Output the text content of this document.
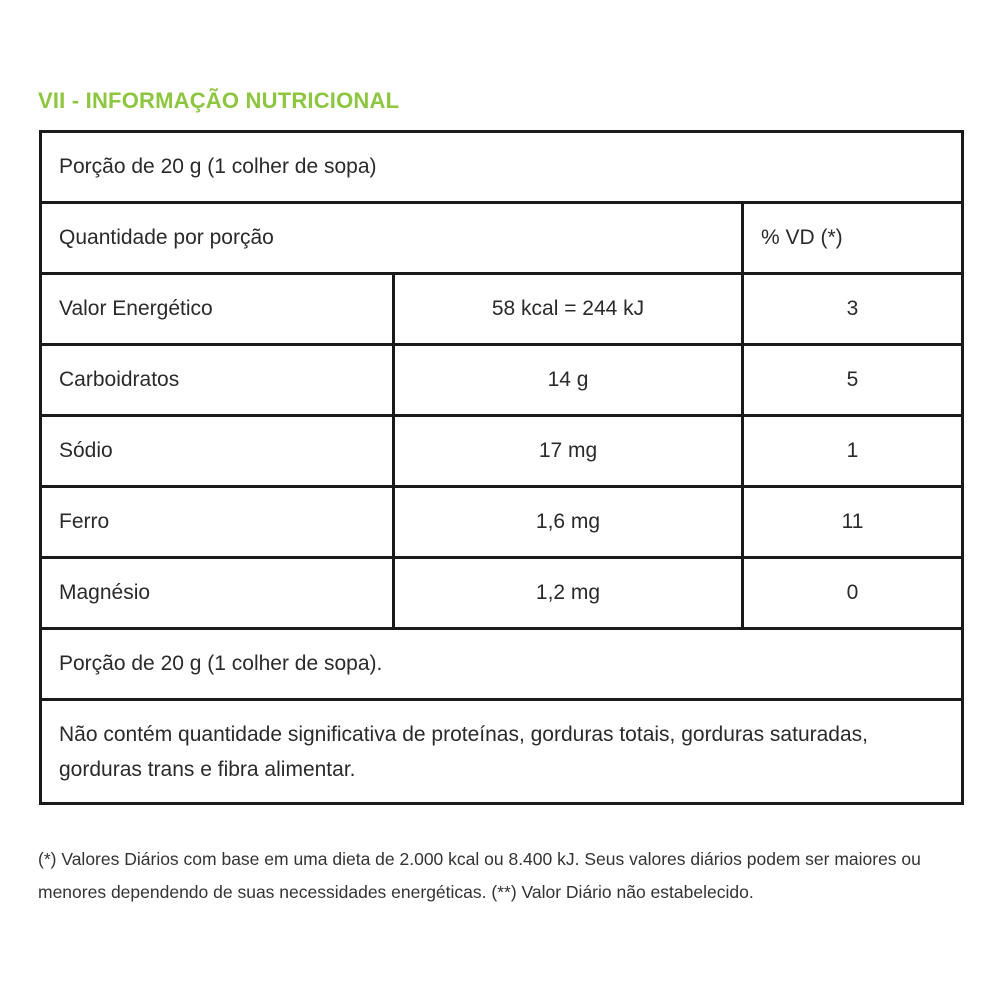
VII - INFORMAÇÃO NUTRICIONAL
Porção de 20 g (1 colher de sopa)		
Quantidade por porção		% VD (*)
Valor Energético	58 kcal = 244 kJ	3
Carboidratos	14 g	5
Sódio	17 mg	1
Ferro	1,6 mg	11
Magnésio	1,2 mg	0
Porção de 20 g (1 colher de sopa).		
Não contém quantidade significativa de proteínas, gorduras totais, gorduras saturadas, gorduras trans e fibra alimentar.		
(*) Valores Diários com base em uma dieta de 2.000 kcal ou 8.400 kJ. Seus valores diários podem ser maiores ou menores dependendo de suas necessidades energéticas. (**) Valor Diário não estabelecido.
